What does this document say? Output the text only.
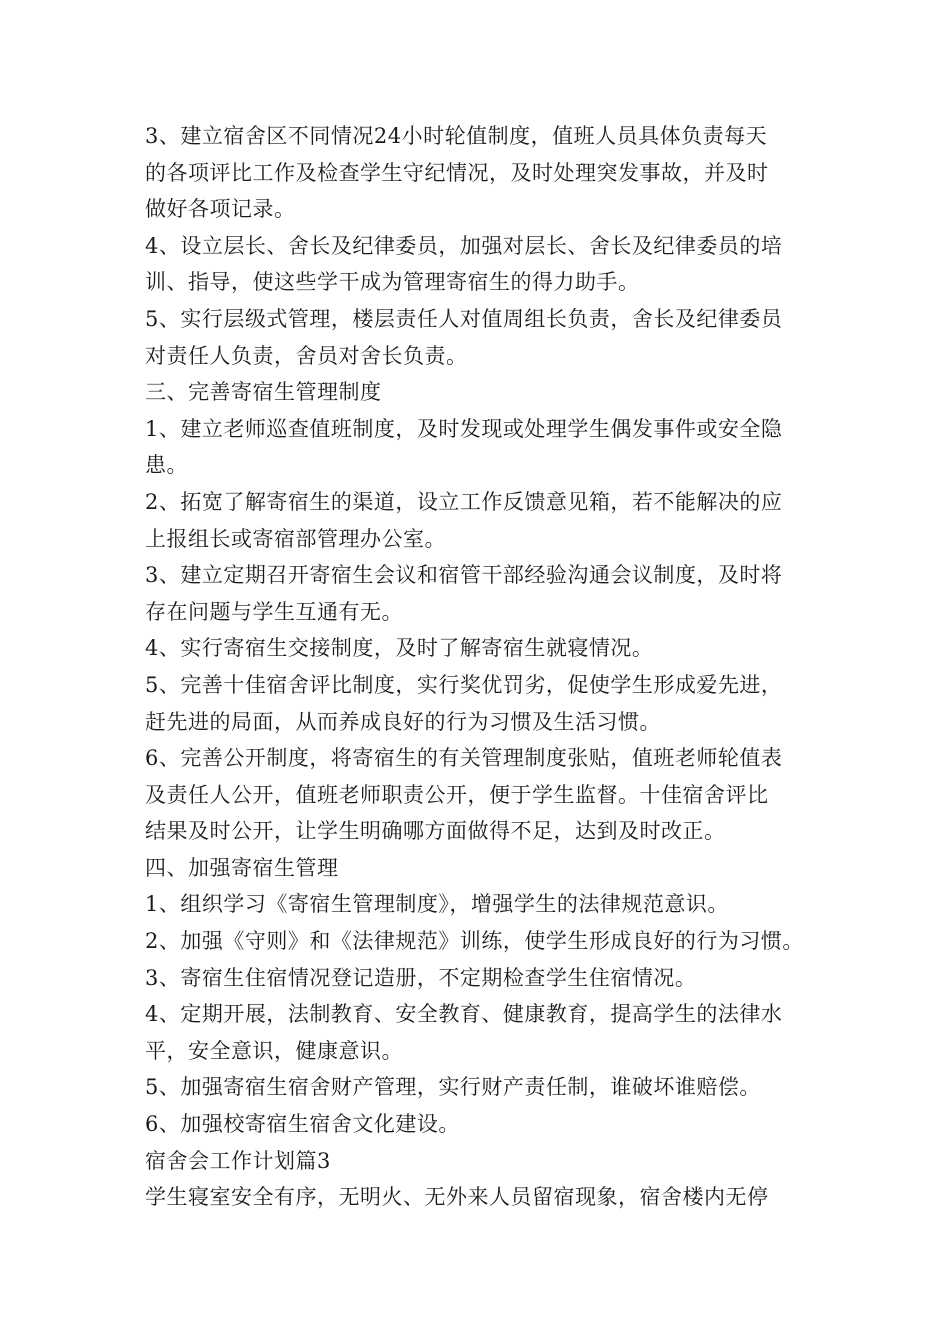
3、建立宿舍区不同情况24小时轮值制度，值班人员具体负责每天
的各项评比工作及检查学生守纪情况，及时处理突发事故，并及时
做好各项记录。
4、设立层长、舍长及纪律委员，加强对层长、舍长及纪律委员的培
训、指导，使这些学干成为管理寄宿生的得力助手。
5、实行层级式管理，楼层责任人对值周组长负责，舍长及纪律委员
对责任人负责，舍员对舍长负责。
三、完善寄宿生管理制度
1、建立老师巡查值班制度，及时发现或处理学生偶发事件或安全隐
患。
2、拓宽了解寄宿生的渠道，设立工作反馈意见箱，若不能解决的应
上报组长或寄宿部管理办公室。
3、建立定期召开寄宿生会议和宿管干部经验沟通会议制度，及时将
存在问题与学生互通有无。
4、实行寄宿生交接制度，及时了解寄宿生就寝情况。
5、完善十佳宿舍评比制度，实行奖优罚劣，促使学生形成爱先进，
赶先进的局面，从而养成良好的行为习惯及生活习惯。
6、完善公开制度，将寄宿生的有关管理制度张贴，值班老师轮值表
及责任人公开，值班老师职责公开，便于学生监督。十佳宿舍评比
结果及时公开，让学生明确哪方面做得不足，达到及时改正。
四、加强寄宿生管理
1、组织学习《寄宿生管理制度》，增强学生的法律规范意识。
2、加强《守则》和《法律规范》训练，使学生形成良好的行为习惯。
3、寄宿生住宿情况登记造册，不定期检查学生住宿情况。
4、定期开展，法制教育、安全教育、健康教育，提高学生的法律水
平，安全意识，健康意识。
5、加强寄宿生宿舍财产管理，实行财产责任制，谁破坏谁赔偿。
6、加强校寄宿生宿舍文化建设。
宿舍会工作计划篇3
学生寝室安全有序，无明火、无外来人员留宿现象，宿舍楼内无停
